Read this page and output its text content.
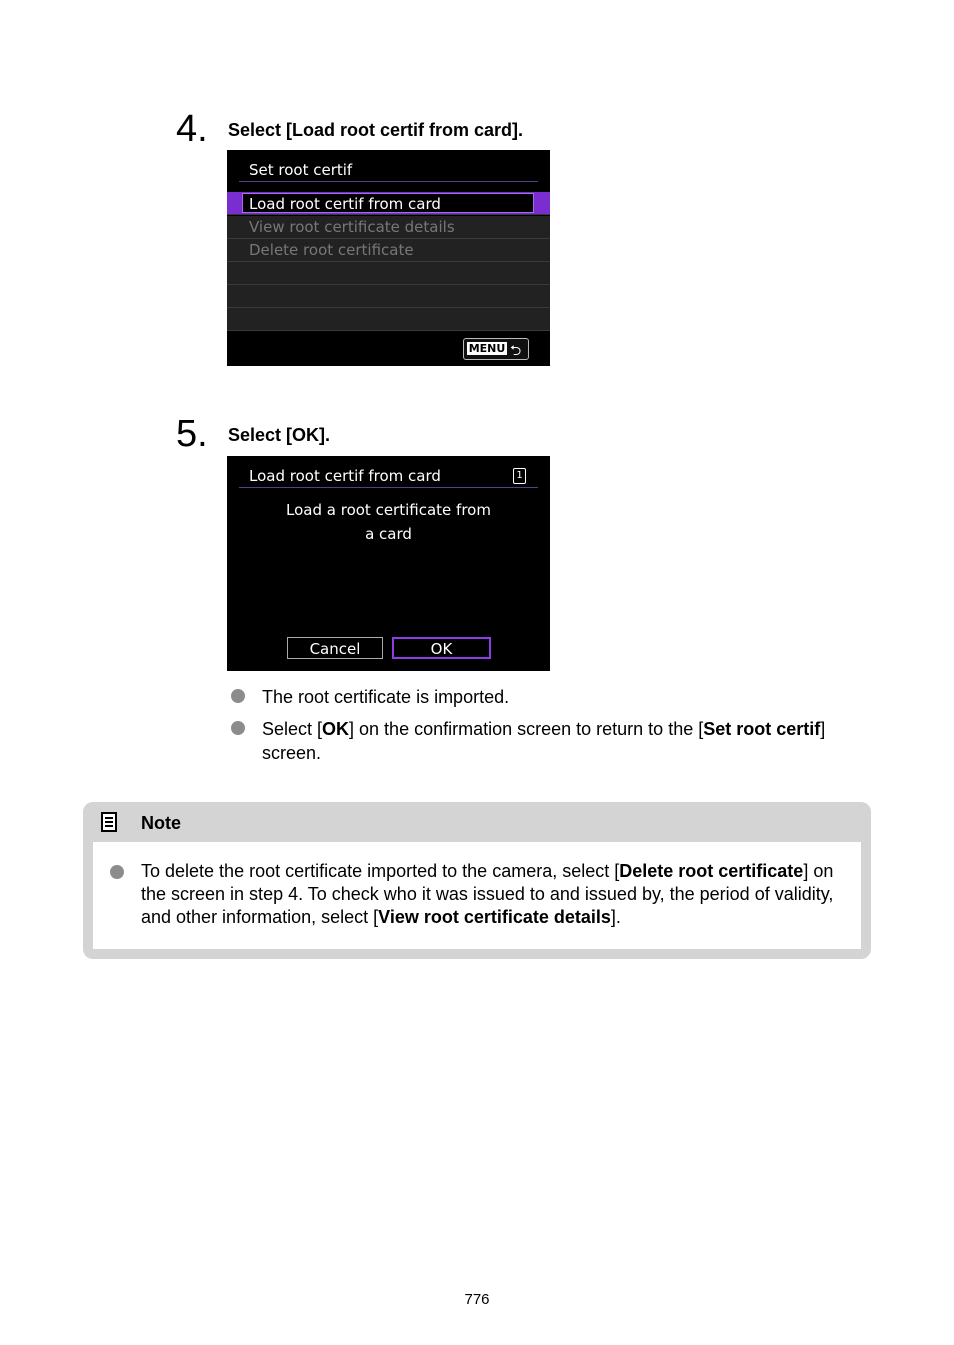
4. Select [Load root certif from card].
Set root certif
Load root certif from card
View root certificate details
Delete root certificate
MENU ⮌
5. Select [OK].
Load root certif from card	1
Load a root certificate from
a card
Cancel	OK
The root certificate is imported.
Select [OK] on the confirmation screen to return to the [Set root certif] screen.
Note
To delete the root certificate imported to the camera, select [Delete root certificate] on the screen in step 4. To check who it was issued to and issued by, the period of validity, and other information, select [View root certificate details].
776
